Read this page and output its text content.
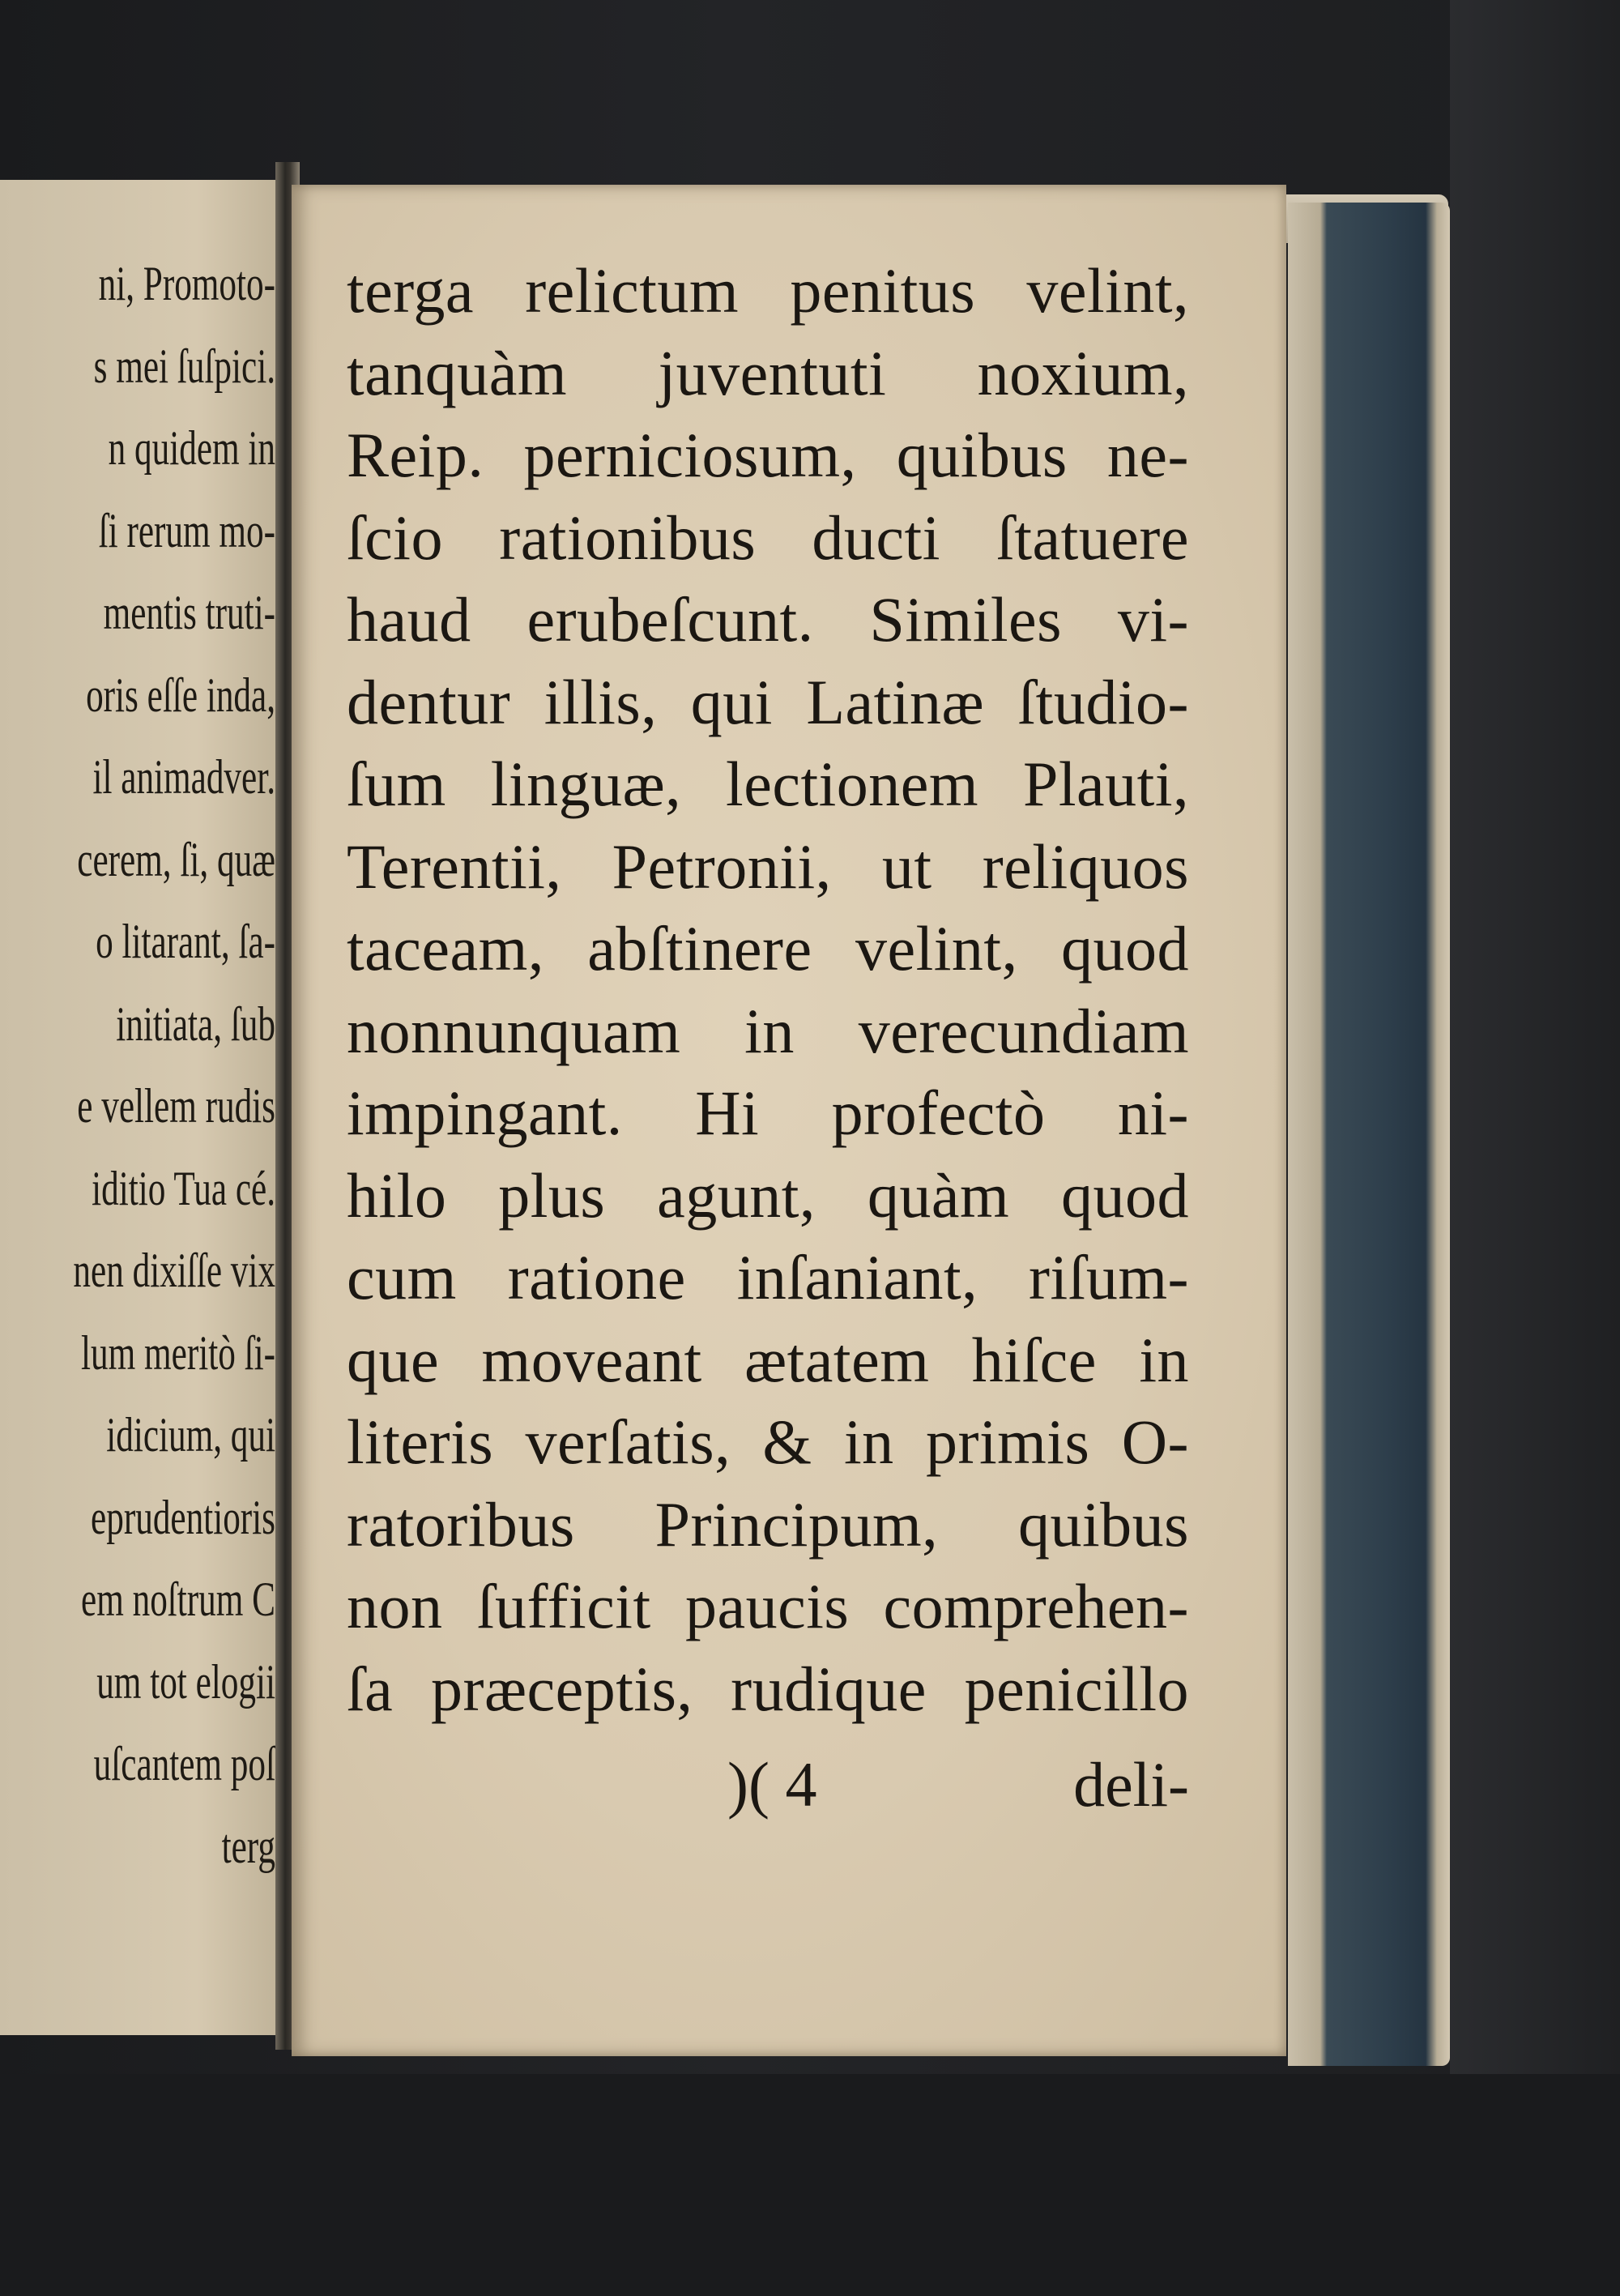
ni, Promoto-
s mei ſuſpici.
n quidem in
ſi rerum mo-
mentis truti-
oris eſſe inda,
il animadver.
cerem, ſi, quæ
o litarant, ſa-
initiata, ſub
e vellem rudis
iditio Tua cé.
nen dixiſſe vix
lum meritò ſi-
idicium, qui
eprudentioris
em noſtrum C
um tot elogii
uſcantem poſ
terg
terga relictum penitus velint,
tanquàm juventuti noxium,
Reip. perniciosum, quibus ne-
ſcio rationibus ducti ſtatuere
haud erubeſcunt. Similes vi-
dentur illis, qui Latinæ ſtudio-
ſum linguæ, lectionem Plauti,
Terentii, Petronii, ut reliquos
taceam, abſtinere velint, quod
nonnunquam in verecundiam
impingant. Hi profectò ni-
hilo plus agunt, quàm quod
cum ratione inſaniant, riſum-
que moveant ætatem hiſce in
literis verſatis, & in primis O-
ratoribus Principum, quibus
non ſufficit paucis comprehen-
ſa præceptis, rudique penicillo
)( 4	deli-
